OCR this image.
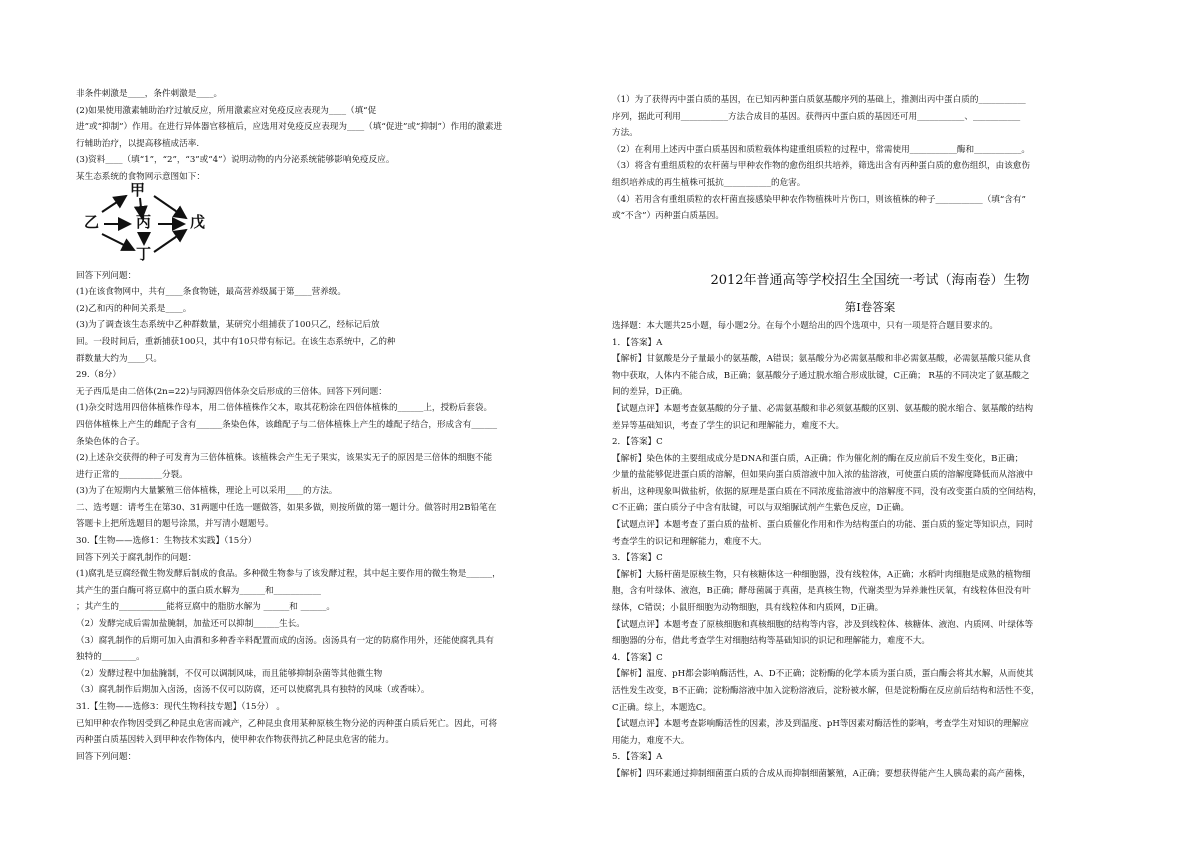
非条件刺激是____，条件刺激是____。

(2)如果使用激素辅助治疗过敏反应，所用激素应对免疫反应表现为____（填“促

进”或“抑制”）作用。在进行异体器官移植后，应选用对免疫反应表现为____（填“促进”或“抑制”）作用的激素进

行辅助治疗，以提高移植成活率.

(3)资料____（填“1”，“2”，“3”或“4”）说明动物的内分泌系统能够影响免疫反应。

某生态系统的食物网示意图如下：

甲
乙 丙
丁
戊

回答下列问题：

(1)在该食物网中，共有____条食物链，最高营养级属于第____营养级。

(2)乙和丙的种间关系是____。

(3)为了调查该生态系统中乙种群数量，某研究小组捕获了100只乙，经标记后放

回。一段时间后，重新捕获100只，其中有10只带有标记。在该生态系统中，乙的种

群数量大约为____只。

29.（8分）

无子西瓜是由二倍体(2n=22)与同源四倍体杂交后形成的三倍体。回答下列问题：

(1)杂交时选用四倍体植株作母本，用二倍体植株作父本，取其花粉涂在四倍体植株的______上，授粉后套袋。

四倍体植株上产生的雌配子含有______条染色体，该雌配子与二倍体植株上产生的雄配子结合，形成含有______

条染色体的合子。

(2)上述杂交获得的种子可发育为三倍体植株。该植株会产生无子果实，该果实无子的原因是三倍体的细胞不能

进行正常的__________分裂。

(3)为了在短期内大量繁殖三倍体植株，理论上可以采用____的方法。

二、选考题：请考生在第30、31两题中任选一题做答，如果多做，则按所做的第一题计分。做答时用2B铅笔在

答题卡上把所选题目的题号涂黑，并写清小题题号。

30.【生物——选修1：生物技术实践】（15分）

回答下列关于腐乳制作的问题：

(1)腐乳是豆腐经微生物发酵后制成的食品。多种微生物参与了该发酵过程，其中起主要作用的微生物是______，

其产生的蛋白酶可将豆腐中的蛋白质水解为______和___________

；其产生的___________能将豆腐中的脂肪水解为 ______和 ______。

（2）发酵完成后需加盐腌制，加盐还可以抑制______生长。

（3）腐乳制作的后期可加入由酒和多种香辛料配置而成的卤汤。卤汤具有一定的防腐作用外，还能使腐乳具有

独特的________。

（2）发酵过程中加盐腌制，不仅可以调制风味，而且能够抑制杂菌等其他微生物

（3）腐乳制作后期加入卤汤，卤汤不仅可以防腐，还可以使腐乳具有独特的风味（或香味）。

31.【生物——选修3：现代生物科技专题】（15分） 。

已知甲种农作物因受到乙种昆虫危害而减产，乙种昆虫食用某种原核生物分泌的丙种蛋白质后死亡。因此，可将

丙种蛋白质基因转入到甲种农作物体内，使甲种农作物获得抗乙种昆虫危害的能力。

回答下列问题：

（1）为了获得丙中蛋白质的基因，在已知丙种蛋白质氨基酸序列的基础上，推测出丙中蛋白质的___________

序列，据此可利用___________方法合成目的基因。获得丙中蛋白质的基因还可用___________、___________

方法。

（2）在利用上述丙中蛋白质基因和质粒载体构建重组质粒的过程中，常需使用___________酶和___________。

（3）将含有重组质粒的农杆菌与甲种农作物的愈伤组织共培养，筛选出含有丙种蛋白质的愈伤组织，由该愈伤

组织培养成的再生植株可抵抗___________的危害。

（4）若用含有重组质粒的农杆菌直接感染甲种农作物植株叶片伤口，则该植株的种子___________（填“含有”

或“不含”）丙种蛋白质基因。

2012年普通高等学校招生全国统一考试（海南卷）生物

第Ⅰ卷答案

选择题：本大题共25小题，每小题2分。在每个小题给出的四个选项中，只有一项是符合题目要求的。

1．【答案】A

【解析】甘氨酸是分子量最小的氨基酸，A错误；氨基酸分为必需氨基酸和非必需氨基酸，必需氨基酸只能从食

物中获取，人体内不能合成，B正确；氨基酸分子通过脱水缩合形成肽键，C正确； R基的不同决定了氨基酸之

间的差异，D正确。

【试题点评】本题考查氨基酸的分子量、必需氨基酸和非必须氨基酸的区别、氨基酸的脱水缩合、氨基酸的结构

差异等基础知识，考查了学生的识记和理解能力，难度不大。

2．【答案】C

【解析】染色体的主要组成成分是DNA和蛋白质，A正确；作为催化剂的酶在反应前后不发生变化，B正确；

少量的盐能够促进蛋白质的溶解，但如果向蛋白质溶液中加入浓的盐溶液，可使蛋白质的溶解度降低而从溶液中

析出，这种现象叫做盐析，依据的原理是蛋白质在不同浓度盐溶液中的溶解度不同，没有改变蛋白质的空间结构，

C不正确；蛋白质分子中含有肽键，可以与双缩脲试剂产生紫色反应，D正确。

【试题点评】本题考查了蛋白质的盐析、蛋白质催化作用和作为结构蛋白的功能、蛋白质的鉴定等知识点，同时

考查学生的识记和理解能力，难度不大。

3．【答案】C

【解析】大肠杆菌是原核生物，只有核糖体这一种细胞器，没有线粒体，A正确；水稻叶肉细胞是成熟的植物细

胞，含有叶绿体、液泡，B正确；酵母菌属于真菌，是真核生物，代谢类型为异养兼性厌氧，有线粒体但没有叶

绿体，C错误；小鼠肝细胞为动物细胞，具有线粒体和内质网，D正确。

【试题点评】本题考查了原核细胞和真核细胞的结构等内容，涉及到线粒体、核糖体、液泡、内质网、叶绿体等

细胞器的分布，借此考查学生对细胞结构等基础知识的识记和理解能力，难度不大。

4．【答案】C

【解析】温度、pH都会影响酶活性，A、D不正确；淀粉酶的化学本质为蛋白质，蛋白酶会将其水解，从而使其

活性发生改变，B不正确；淀粉酶溶液中加入淀粉溶液后，淀粉被水解，但是淀粉酶在反应前后结构和活性不变，

C正确。综上，本题选C。

【试题点评】本题考查影响酶活性的因素，涉及到温度、pH等因素对酶活性的影响，考查学生对知识的理解应

用能力，难度不大。

5．【答案】A

【解析】四环素通过抑制细菌蛋白质的合成从而抑制细菌繁殖，A正确；要想获得能产生人胰岛素的高产菌株，
